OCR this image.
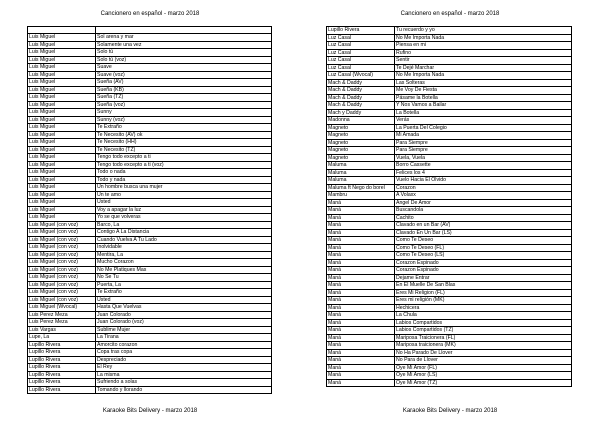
Cancionero en español - marzo 2018

Luis Miguel	Sol arena y mar
Luis Miguel	Solamente una vez
Luis Miguel	Solo tú
Luis Miguel	Solo tú (voz)
Luis Miguel	Suave
Luis Miguel	Suave (voz)
Luis Miguel	Sueña (AV)
Luis Miguel	Sueña (KB)
Luis Miguel	Sueña (TZ)
Luis Miguel	Sueña (voz)
Luis Miguel	Sunny
Luis Miguel	Sunny (voz)
Luis Miguel	Te Extraño
Luis Miguel	Te Necesito (AV) ok
Luis Miguel	Te Necesito (HH)
Luis Miguel	Te Necesito (TZ)
Luis Miguel	Tengo todo excepto a ti
Luis Miguel	Tengo todo excepto a ti (voz)
Luis Miguel	Todo o nada
Luis Miguel	Todo y nada
Luis Miguel	Un hombre busca una mujer
Luis Miguel	Un te amo
Luis Miguel	Usted
Luis Miguel	Voy a apagar la luz
Luis Miguel	Yo se que volveras
Luis Miguel (con voz)	Barco, La
Luis Miguel (con voz)	Contigo A La Distancia
Luis Miguel (con voz)	Cuando Vuelva A Tu Lado
Luis Miguel (con voz)	Inolvidable
Luis Miguel (con voz)	Mentira, La
Luis Miguel (con voz)	Mucho Corazon
Luis Miguel (con voz)	No Me Platiques Mas
Luis Miguel (con voz)	No Se Tu
Luis Miguel (con voz)	Puerta, La
Luis Miguel (con voz)	Te Extraño
Luis Miguel (con voz)	Usted
Luis Miguel (Wvocal)	Hasta Que Vuelvas
Luis Perez Meza	Juan Colorado
Luis Perez Meza	Juan Colorado (voz)
Luis Vargas	Sublime Mujer
Lupe, La	La Tirana
Lupillo Rivera	Amorcito corazon
Lupillo Rivera	Copa tras copa
Lupillo Rivera	Despreciado
Lupillo Rivera	El Rey
Lupillo Rivera	La misma
Lupillo Rivera	Sufriendo a solas
Lupillo Rivera	Tomando y llorando
Karaoke Bits Delivery - marzo 2018
Cancionero en español - marzo 2018
Lupillo Rivera	Tu recuerdo y yo
Luz Casal	No Me Importa Nada
Luz Casal	Piensa en mi
Luz Casal	Rufino
Luz Casal	Sentir
Luz Casal	Te Dejé Marchar
Luz Casal (Wvocal)	No Me Importa Nada
Mach & Daddy	Las Solteras
Mach & Daddy	Me Voy De Fiesta
Mach & Daddy	Pásame la Botella
Mach & Daddy	Y Nos Vamos a Bailar
Mach y Daddy	La Botella
Madonna	Verás
Magneto	La Puerta Del Colegio
Magneto	Mi Amada
Magneto	Para Siempre
Magneto	Para Siempre
Magneto	Vuela, Vuela
Maluma	Borro Cassette
Maluma	Felices los 4
Maluma	Vuelo Hacia El Olvido
Maluma ft Nego do borel	Corazon
Mambru	A Volaxx
Maná	Angel De Amor
Maná	Buscandola
Maná	Cachito
Maná	Clavado en un Bar (AV)
Maná	Clavado En Un Bar (LS)
Maná	Como Te Deseo
Maná	Como Te Deseo (FL)
Maná	Como Te Deseo (LS)
Maná	Corazon Espinado
Maná	Corazon Espinado
Maná	Dejame Entrar
Maná	En El Muelle De San Blas
Maná	Eres Mi Religion (FL)
Maná	Eres mi religión (MK)
Maná	Hechicera
Maná	La Chula
Maná	Labios Compartidos
Maná	Labios Compartidos (TZ)
Maná	Mariposa Traicionera (FL)
Maná	Mariposa traicionera (MK)
Maná	No Ha Parado De Llover
Maná	No Para de Llover
Maná	Oye Mi Amor (FL)
Maná	Oye Mi Amor (LS)
Maná	Oye Mi Amor (TZ)
Karaoke Bits Delivery - marzo 2018
